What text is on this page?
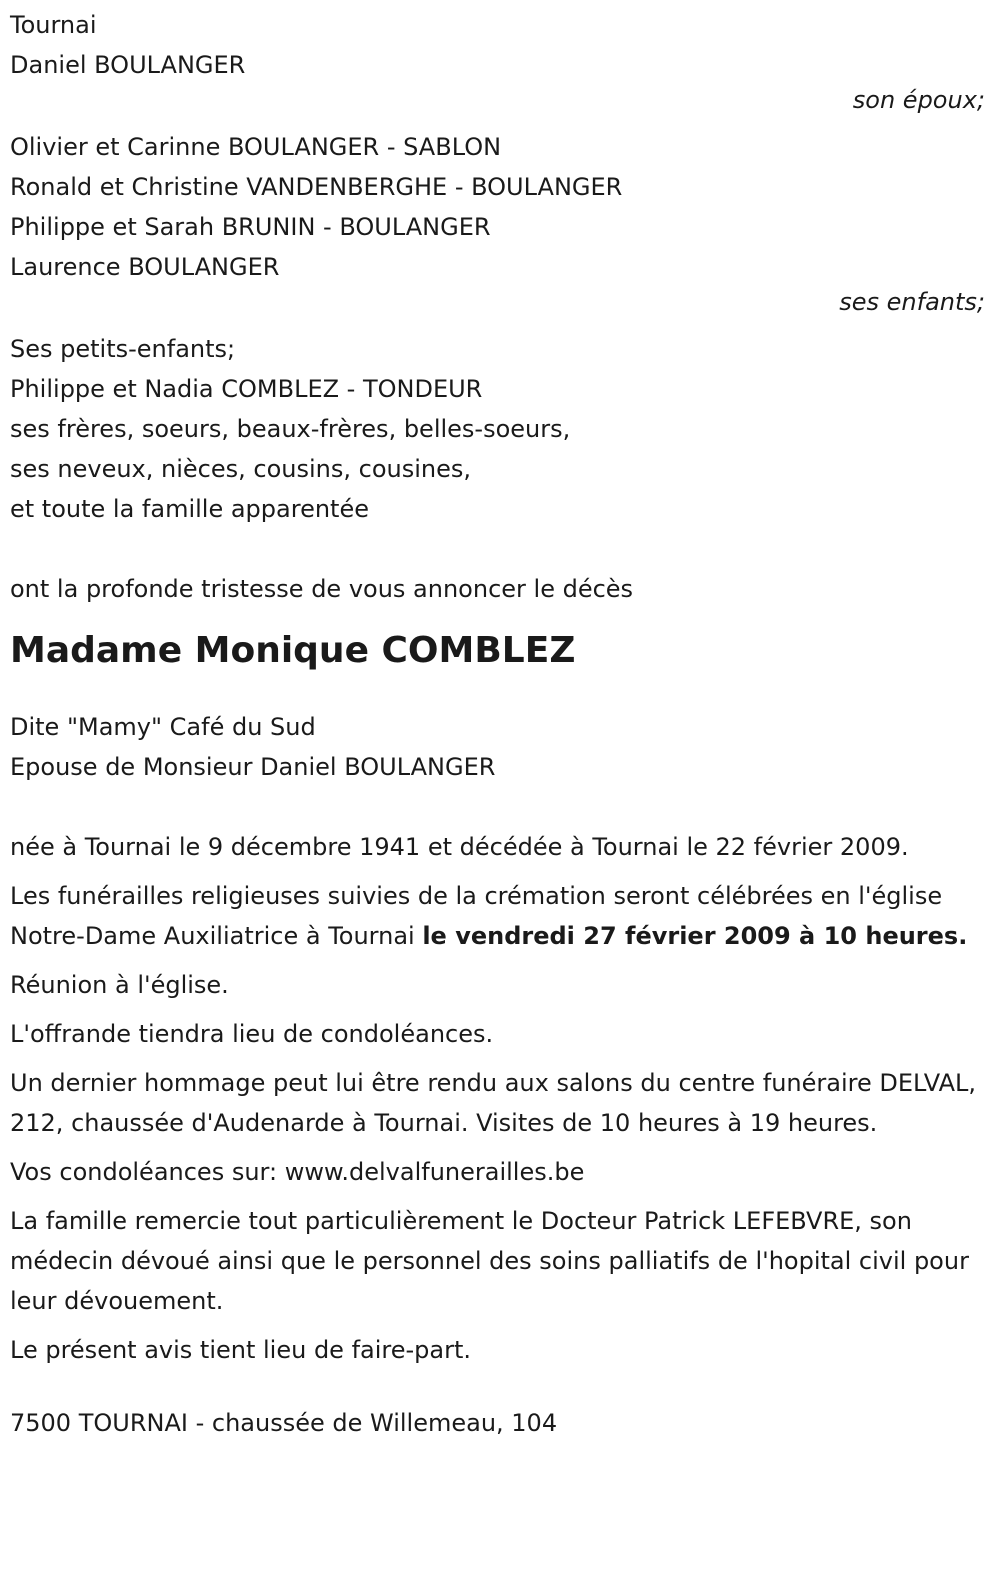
Tournai
Daniel BOULANGER
son époux;
Olivier et Carinne BOULANGER - SABLON
Ronald et Christine VANDENBERGHE - BOULANGER
Philippe et Sarah BRUNIN - BOULANGER
Laurence BOULANGER
ses enfants;
Ses petits-enfants;
Philippe et Nadia COMBLEZ - TONDEUR
ses frères, soeurs, beaux-frères, belles-soeurs,
ses neveux, nièces, cousins, cousines,
et toute la famille apparentée
ont la profonde tristesse de vous annoncer le décès
Madame Monique COMBLEZ
Dite "Mamy" Café du Sud
Epouse de Monsieur Daniel BOULANGER
née à Tournai le 9 décembre 1941 et décédée à Tournai le 22 février 2009.
Les funérailles religieuses suivies de la crémation seront célébrées en l'église Notre-Dame Auxiliatrice à Tournai le vendredi 27 février 2009 à 10 heures.
Réunion à l'église.
L'offrande tiendra lieu de condoléances.
Un dernier hommage peut lui être rendu aux salons du centre funéraire DELVAL, 212, chaussée d'Audenarde à Tournai. Visites de 10 heures à 19 heures.
Vos condoléances sur: www.delvalfunerailles.be
La famille remercie tout particulièrement le Docteur Patrick LEFEBVRE, son médecin dévoué ainsi que le personnel des soins palliatifs de l'hopital civil pour leur dévouement.
Le présent avis tient lieu de faire-part.
7500 TOURNAI - chaussée de Willemeau, 104
